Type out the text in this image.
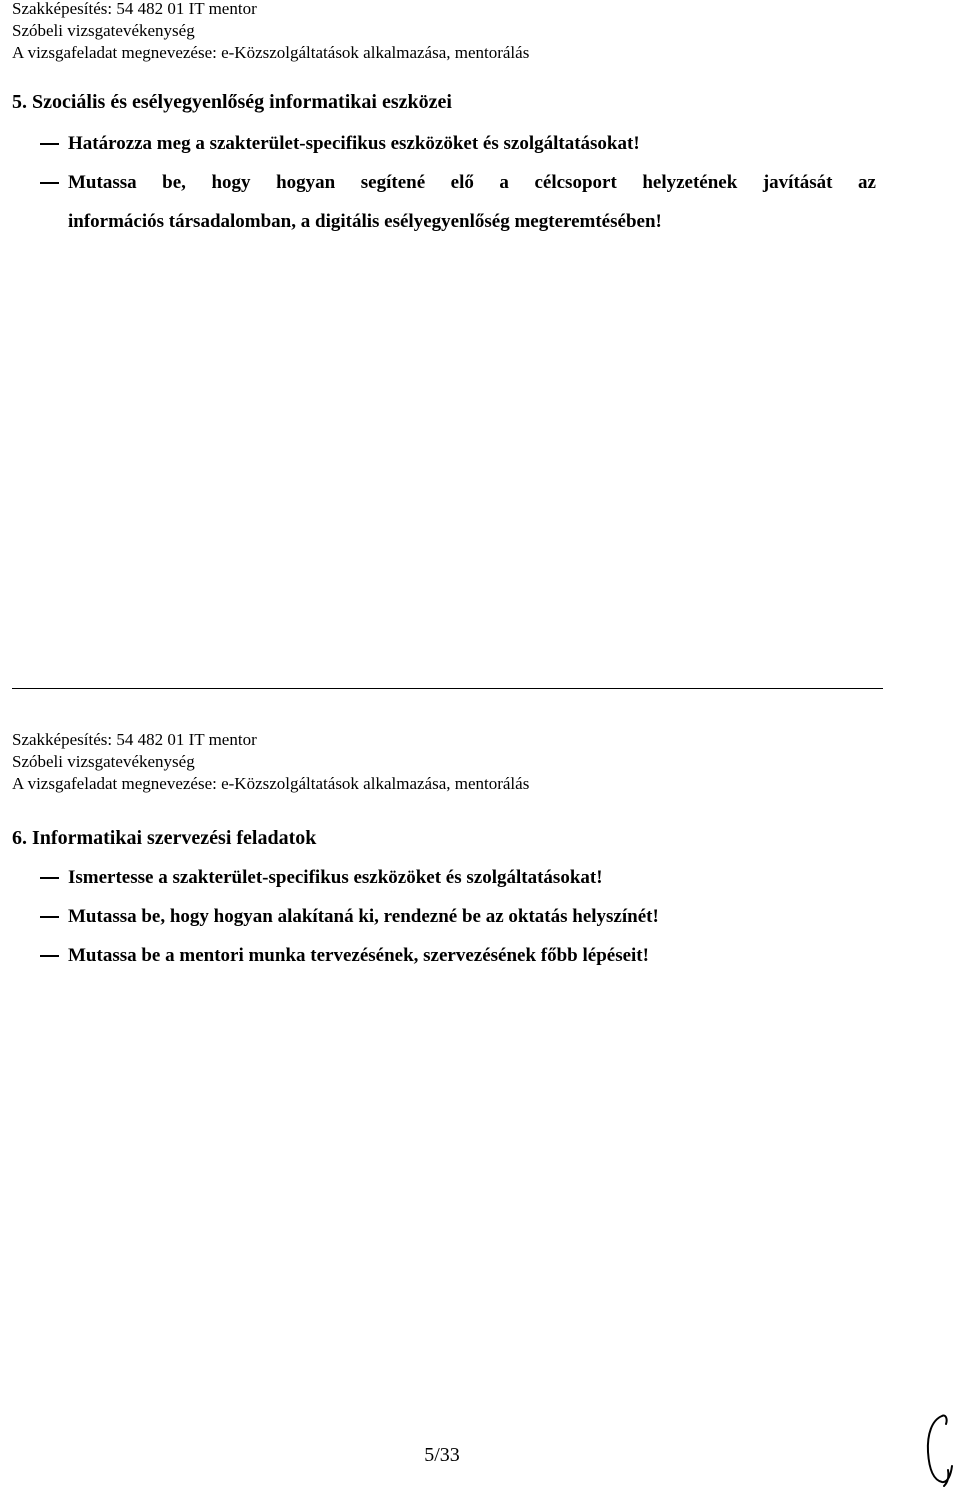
Szakképesítés: 54 482 01 IT mentor
Szóbeli vizsgatevékenység
A vizsgafeladat megnevezése: e-Közszolgáltatások alkalmazása, mentorálás
5. Szociális és esélyegyenlőség informatikai eszközei
Határozza meg a szakterület-specifikus eszközöket és szolgáltatásokat!
Mutassa be, hogy hogyan segítené elő a célcsoport helyzetének javítását az
információs társadalomban, a digitális esélyegyenlőség megteremtésében!
Szakképesítés: 54 482 01 IT mentor
Szóbeli vizsgatevékenység
A vizsgafeladat megnevezése: e-Közszolgáltatások alkalmazása, mentorálás
6. Informatikai szervezési feladatok
Ismertesse a szakterület-specifikus eszközöket és szolgáltatásokat!
Mutassa be, hogy hogyan alakítaná ki, rendezné be az oktatás helyszínét!
Mutassa be a mentori munka tervezésének, szervezésének főbb lépéseit!
5/33
